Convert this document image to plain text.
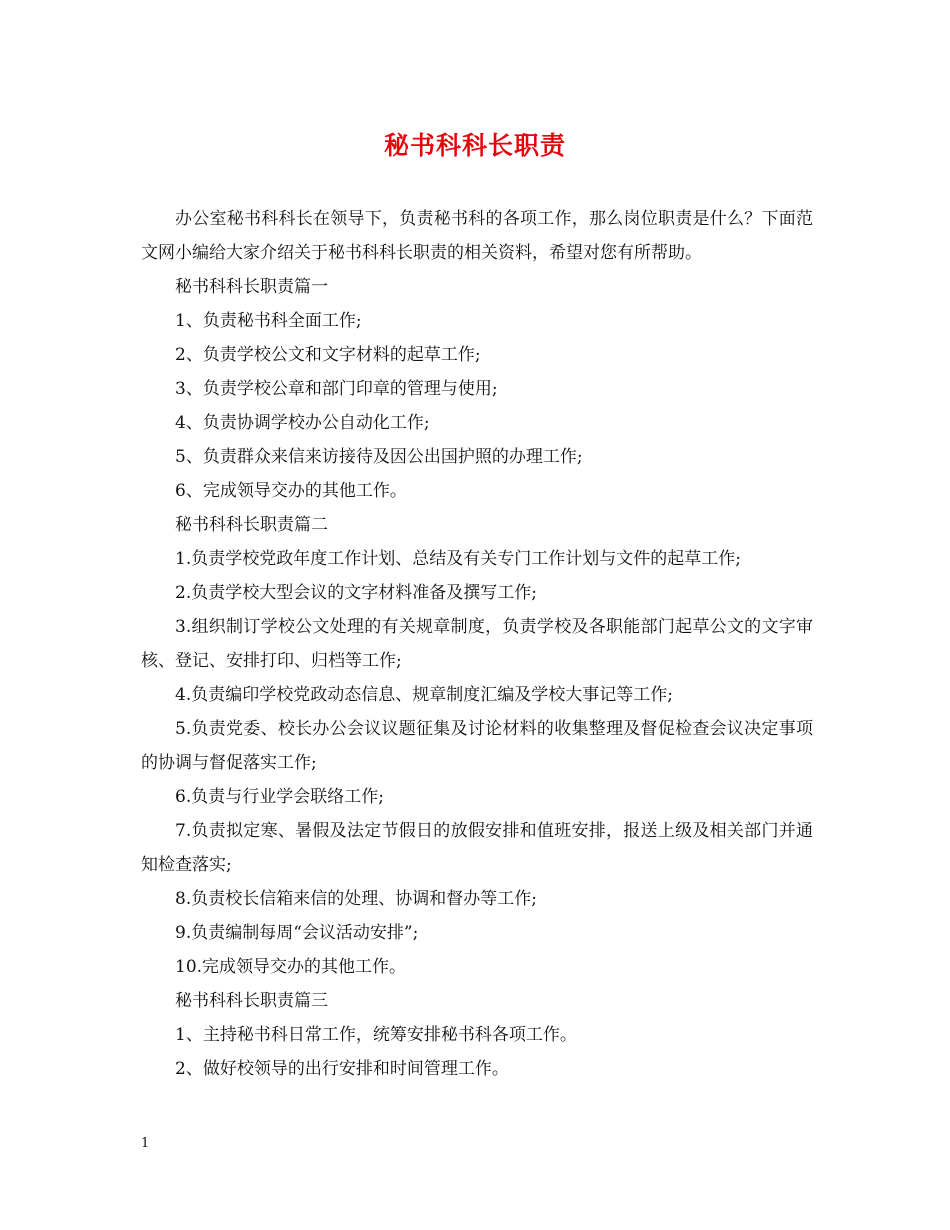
秘书科科长职责

办公室秘书科科长在领导下，负责秘书科的各项工作，那么岗位职责是什么？下面范文网小编给大家介绍关于秘书科科长职责的相关资料，希望对您有所帮助。

秘书科科长职责篇一

1、负责秘书科全面工作;

2、负责学校公文和文字材料的起草工作;

3、负责学校公章和部门印章的管理与使用;

4、负责协调学校办公自动化工作;

5、负责群众来信来访接待及因公出国护照的办理工作;

6、完成领导交办的其他工作。

秘书科科长职责篇二

1.负责学校党政年度工作计划、总结及有关专门工作计划与文件的起草工作;

2.负责学校大型会议的文字材料准备及撰写工作;

3.组织制订学校公文处理的有关规章制度，负责学校及各职能部门起草公文的文字审核、登记、安排打印、归档等工作;

4.负责编印学校党政动态信息、规章制度汇编及学校大事记等工作;

5.负责党委、校长办公会议议题征集及讨论材料的收集整理及督促检查会议决定事项的协调与督促落实工作;

6.负责与行业学会联络工作;

7.负责拟定寒、暑假及法定节假日的放假安排和值班安排，报送上级及相关部门并通知检查落实;

8.负责校长信箱来信的处理、协调和督办等工作;

9.负责编制每周“会议活动安排”;

10.完成领导交办的其他工作。

秘书科科长职责篇三

1、主持秘书科日常工作，统筹安排秘书科各项工作。

2、做好校领导的出行安排和时间管理工作。

1
